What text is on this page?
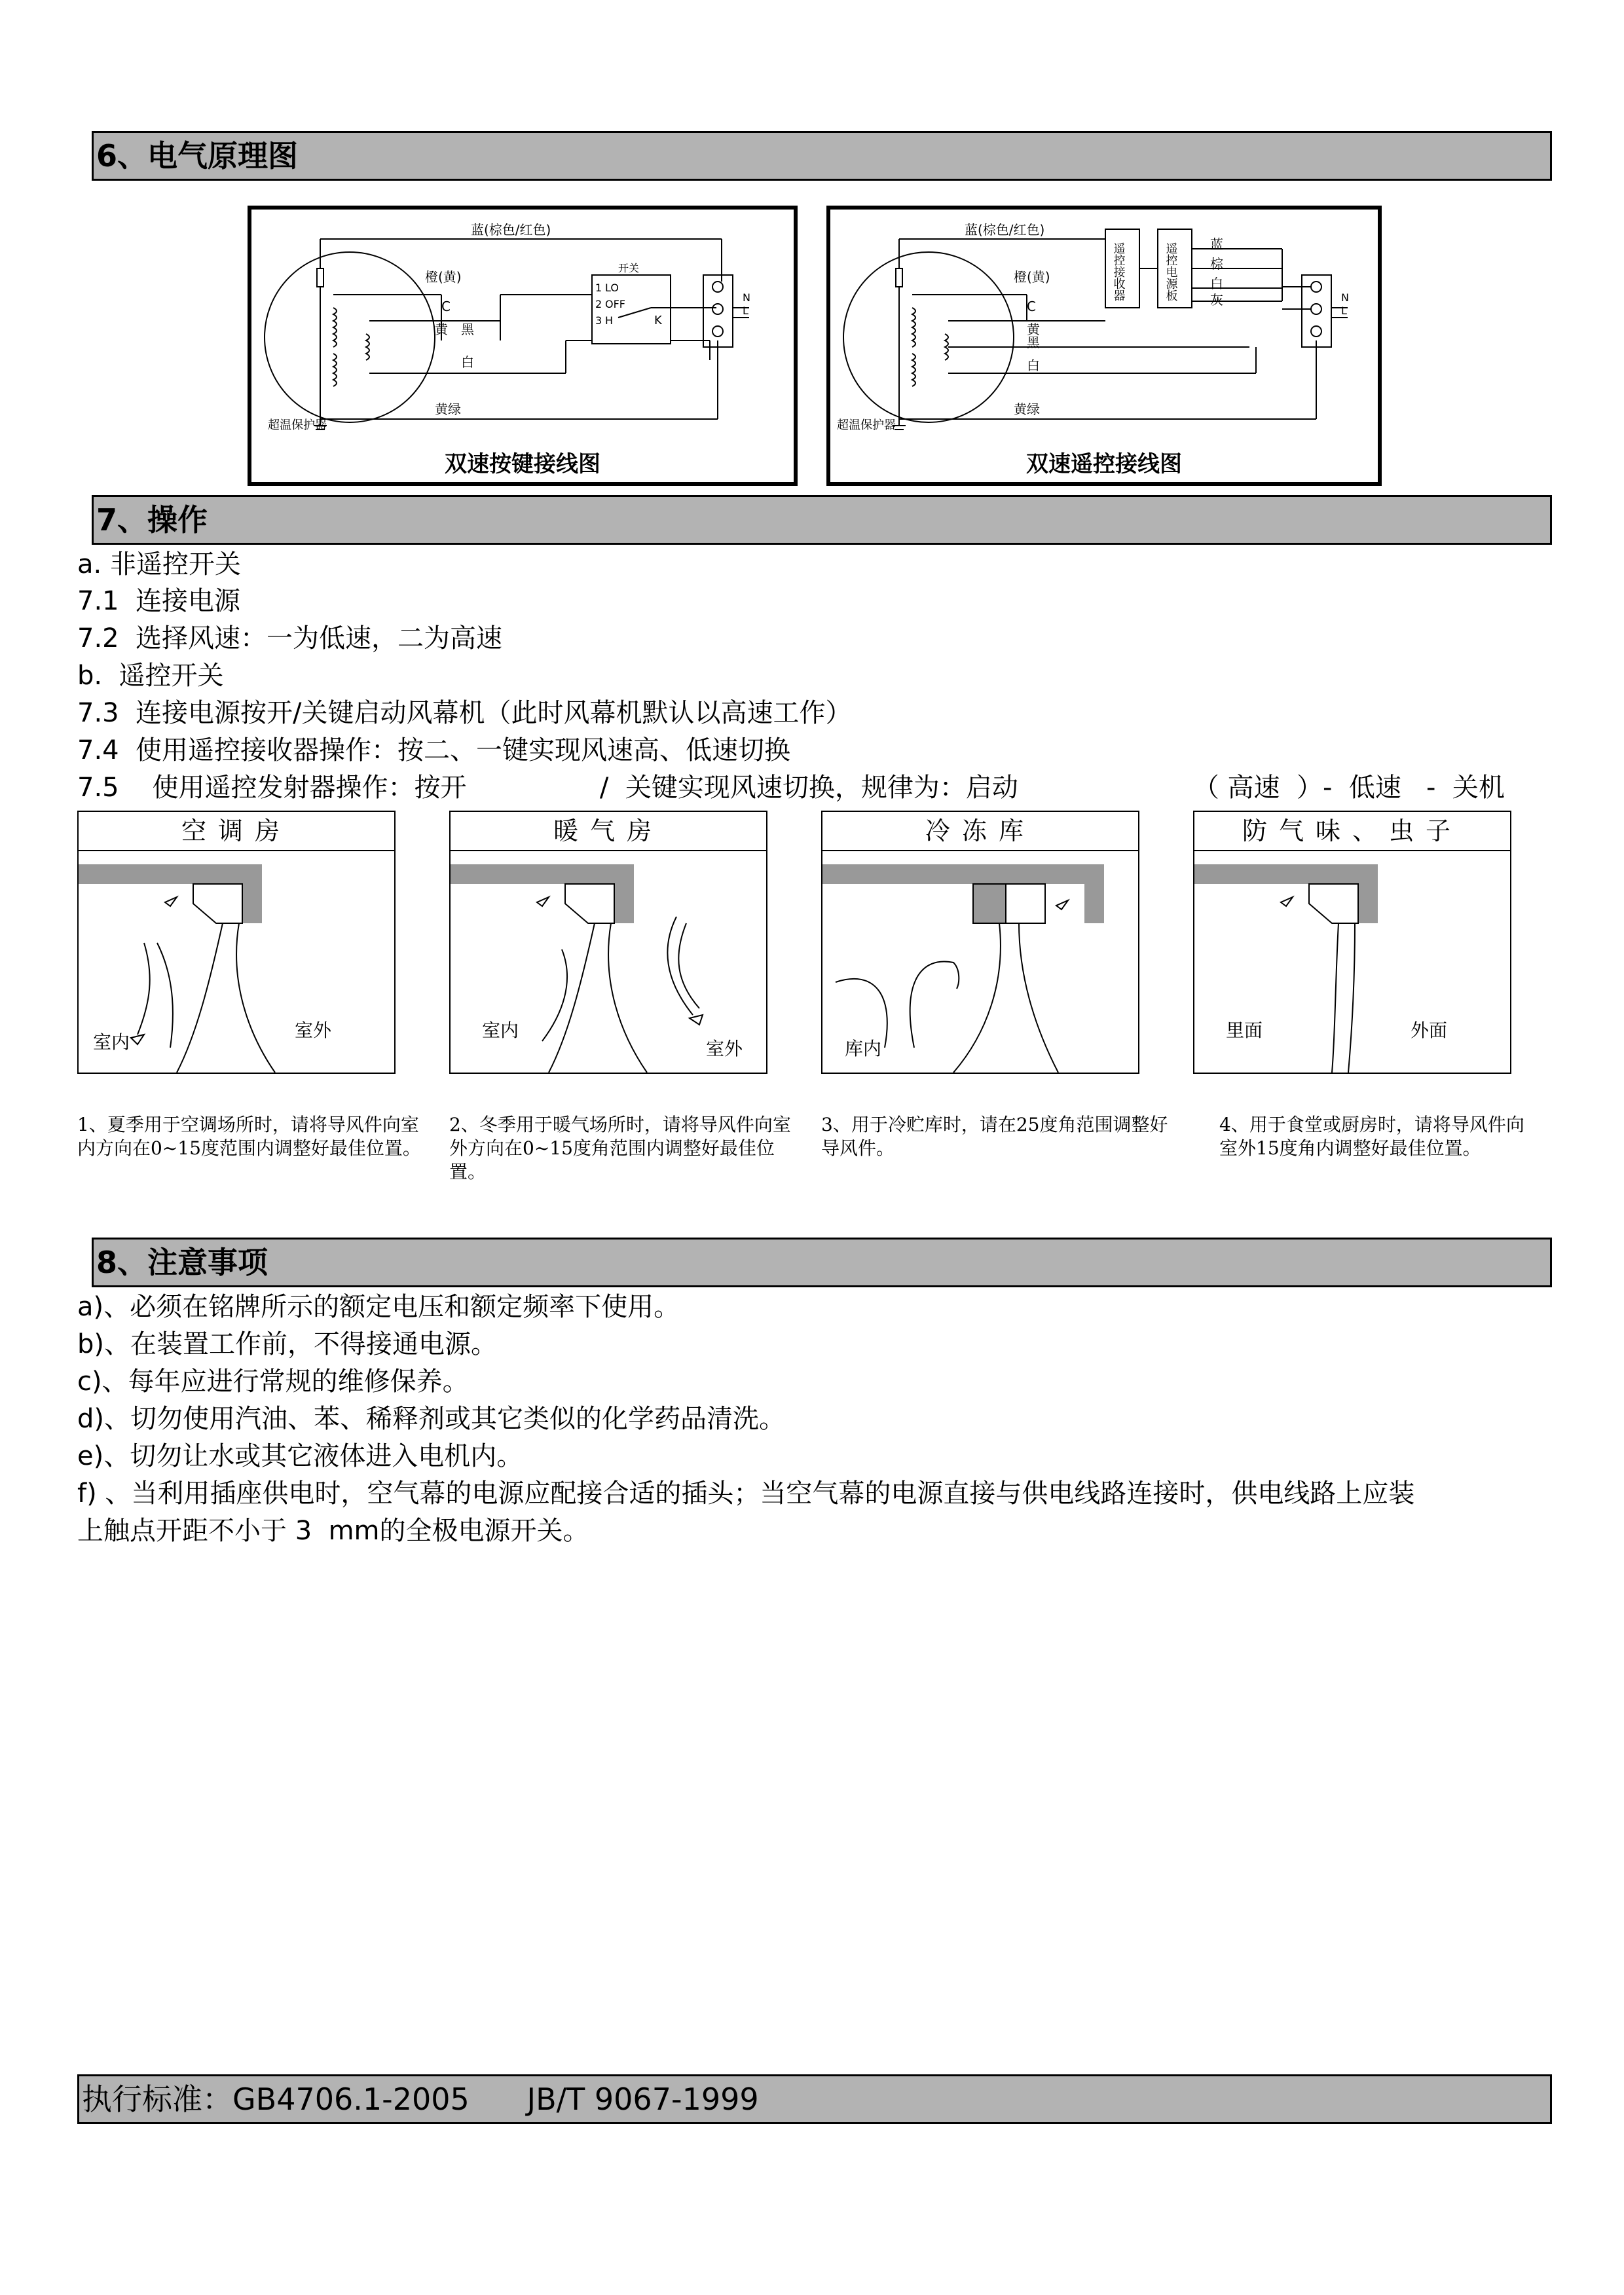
6、电气原理图
蓝(棕色/红色)
橙(黄)
C
黄 黑
白
开关
1
2
3
LO
OFF
H	K
N
L
黄绿
超温保护器
双速按键接线图
蓝(棕色/红色)
橙(黄)
C
黄
黑
白
遥控接收器	遥控电源板 蓝
棕
白
灰	N
L
黄绿
超温保护器
双速遥控接线图
7、操作
a. 非遥控开关
7.1  连接电源
7.2  选择风速：一为低速，二为高速
b.  遥控开关
7.3  连接电源按开/关键启动风幕机（此时风幕机默认以高速工作）
7.4  使用遥控接收器操作：按二、一键实现风速高、低速切换
7.5    使用遥控发射器操作：按开                /  关键实现风速切换，规律为：启动                     （ 高速  ）-  低速   -  关机
空调房
室内
室外
暖气房
室内
室外
冷冻库
库内
防气味、虫子
里面	外面
1、夏季用于空调场所时，请将导风件向室内方向在0~15度范围内调整好最佳位置。
2、冬季用于暖气场所时，请将导风件向室外方向在0~15度角范围内调整好最佳位置。
3、用于冷贮库时，请在25度角范围调整好导风件。
4、用于食堂或厨房时，请将导风件向室外15度角内调整好最佳位置。
8、注意事项
a)、必须在铭牌所示的额定电压和额定频率下使用。
b)、在装置工作前，不得接通电源。
c)、每年应进行常规的维修保养。
d)、切勿使用汽油、苯、稀释剂或其它类似的化学药品清洗。
e)、切勿让水或其它液体进入电机内。
f) 、当利用插座供电时，空气幕的电源应配接合适的插头；当空气幕的电源直接与供电线路连接时，供电线路上应装
上触点开距不小于 3  mm的全极电源开关。
执行标准：GB4706.1-2005      JB/T 9067-1999
